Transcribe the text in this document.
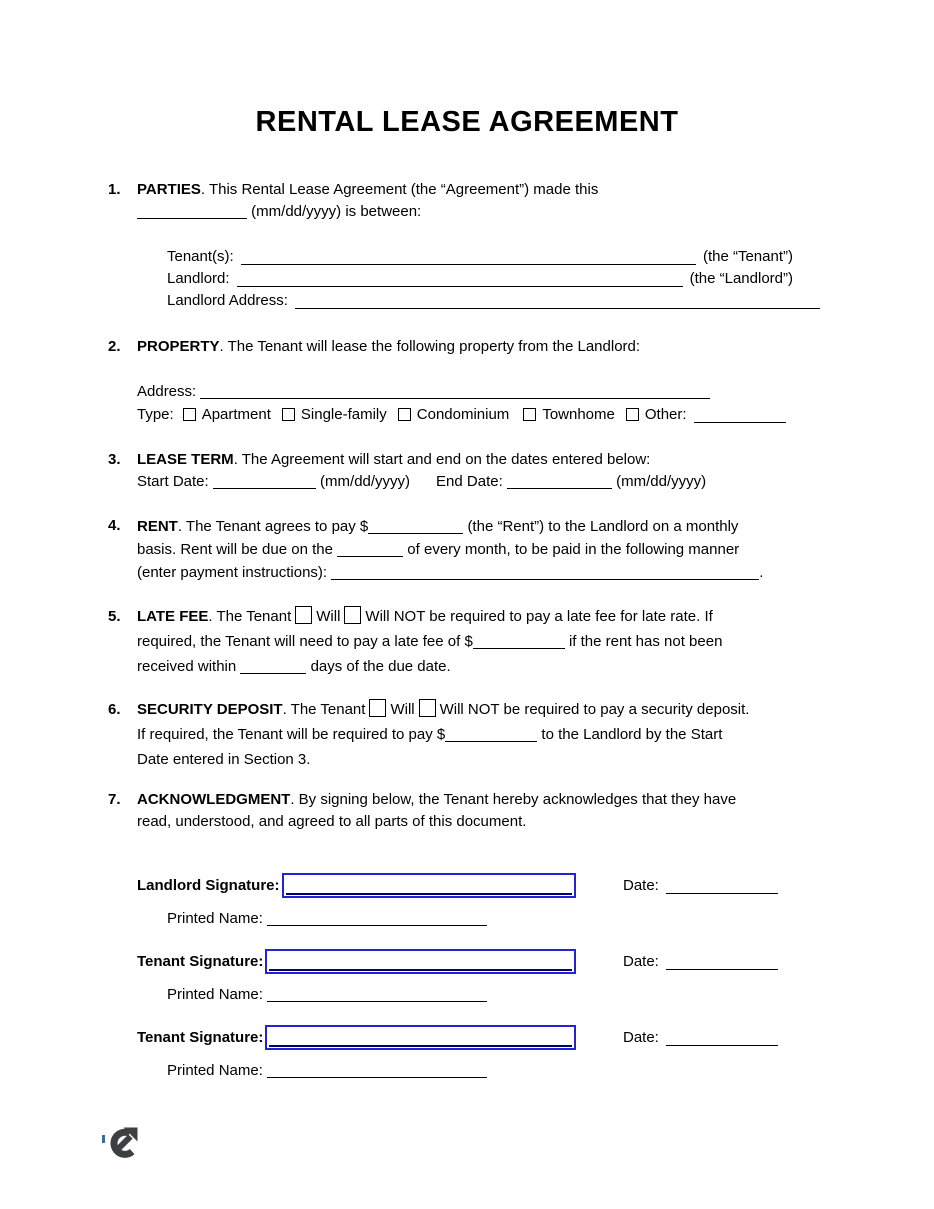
RENTAL LEASE AGREEMENT
1. PARTIES. This Rental Lease Agreement (the “Agreement”) made this
(mm/dd/yyyy) is between:
Tenant(s):	(the “Tenant”)
Landlord:	(the “Landlord”)
Landlord Address:
2. PROPERTY. The Tenant will lease the following property from the Landlord:
Address:
Type: Apartment Single-family Condominium Townhome Other:
3. LEASE TERM. The Agreement will start and end on the dates entered below:
Start Date:	(mm/dd/yyyy) End Date:	(mm/dd/yyyy)
4. RENT. The Tenant agrees to pay $	(the “Rent”) to the Landlord on a monthly
basis. Rent will be due on the	of every month, to be paid in the following manner
(enter payment instructions):	.
5. LATE FEE. The Tenant Will Will NOT be required to pay a late fee for late rate. If
required, the Tenant will need to pay a late fee of $	if the rent has not been
received within	days of the due date.
6. SECURITY DEPOSIT. The Tenant Will Will NOT be required to pay a security deposit.
If required, the Tenant will be required to pay $	to the Landlord by the Start
Date entered in Section 3.
7. ACKNOWLEDGMENT. By signing below, the Tenant hereby acknowledges that they have
read, understood, and agreed to all parts of this document.
Landlord Signature:	Date:
Printed Name:
Tenant Signature:	Date:
Printed Name:
Tenant Signature:	Date:
Printed Name:
